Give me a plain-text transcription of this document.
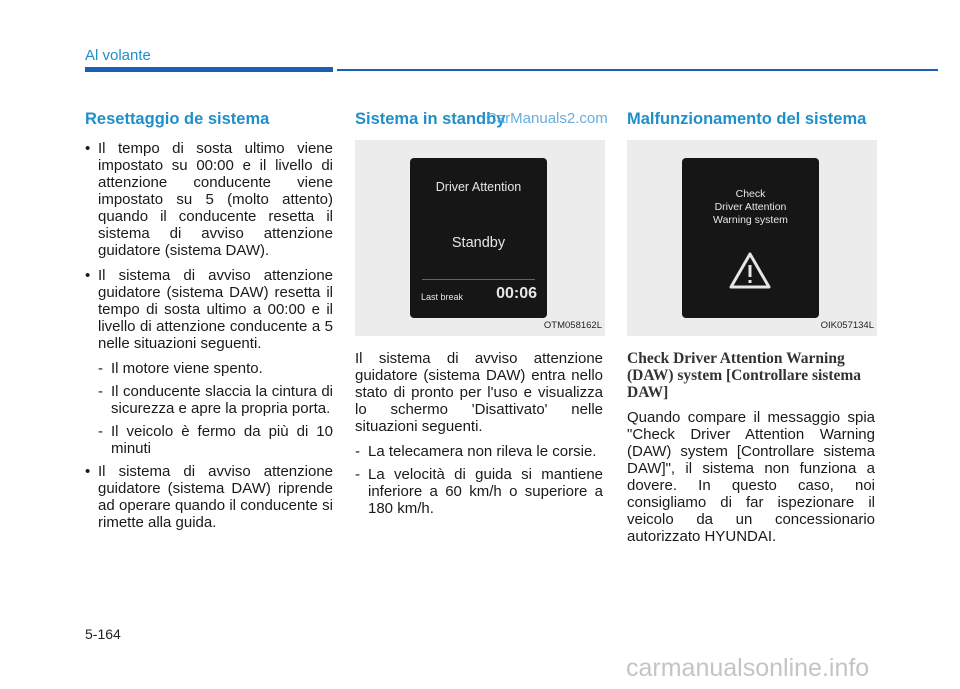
Al volante
Resettaggio de sistema
• Il tempo di sosta ultimo viene impostato su 00:00 e il livello di attenzione conducente viene impostato su 5 (molto attento) quando il conducente resetta il sistema di avviso attenzione guidatore (sistema DAW).
• Il sistema di avviso attenzione guidatore (sistema DAW) resetta il tempo di sosta ultimo a 00:00 e il livello di attenzione conducente a 5 nelle situazioni seguenti.
- Il motore viene spento.
- Il conducente slaccia la cintura di sicurezza e apre la propria porta.
- Il veicolo è fermo da più di 10 minuti
• Il sistema di avviso attenzione guidatore (sistema DAW) riprende ad operare quando il conducente si rimette alla guida.
Sistema in standby
Driver Attention
Standby
Last break 00:06
OTM058162L

Il sistema di avviso attenzione guidatore (sistema DAW) entra nello stato di pronto per l'uso e visualizza lo schermo 'Disattivato' nelle situazioni seguenti.

- La telecamera non rileva le corsie.
- La velocità di guida si mantiene inferiore a 60 km/h o superiore a 180 km/h.
Malfunzionamento del sistema
Check
Driver Attention
Warning system
OIK057134L
Check Driver Attention Warning (DAW) system [Controllare sistema DAW]

Quando compare il messaggio spia "Check Driver Attention Warning (DAW) system [Controllare sistema DAW]", il sistema non funziona a dovere. In questo caso, noi consigliamo di far ispezionare il veicolo da un concessionario autorizzato HYUNDAI.

CarManuals2.com
5-164
carmanualsonline.info
